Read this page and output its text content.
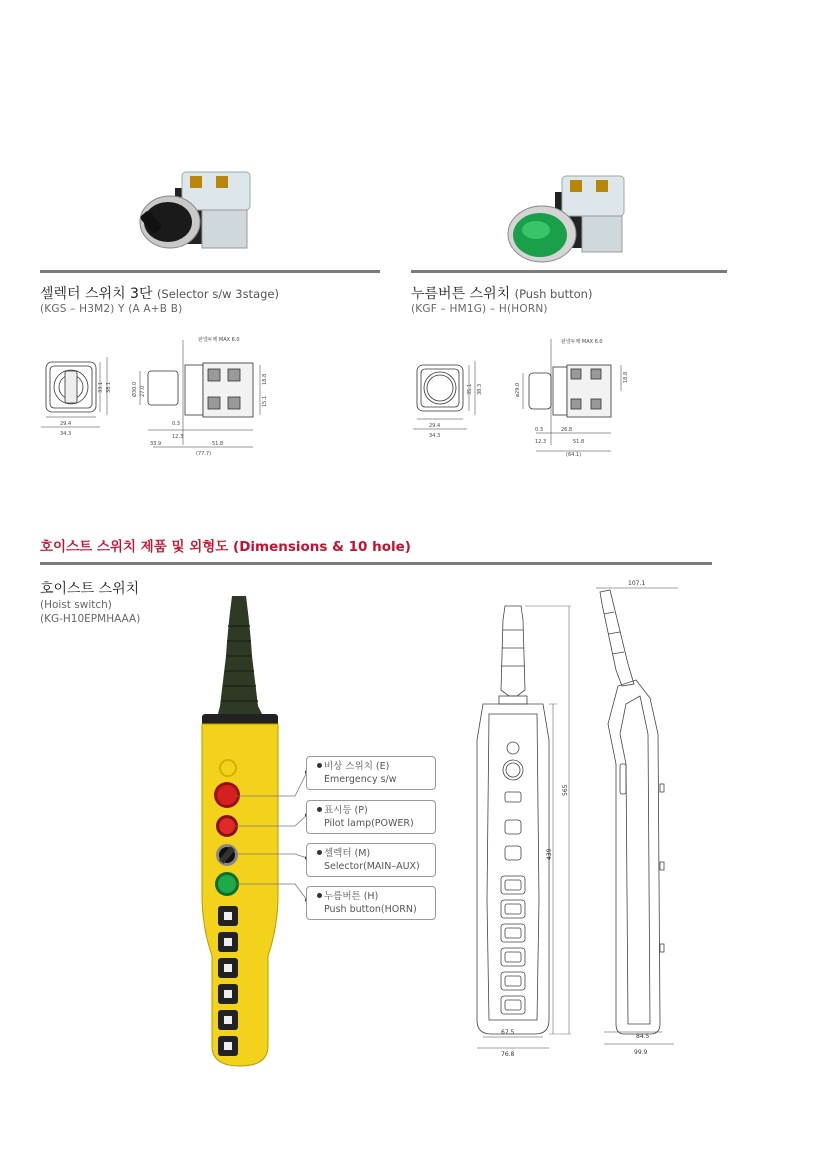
셀렉터 스위치 3단 (Selector s/w 3stage)
(KGS – H3M2) Y (A A+B B)
누름버튼 스위치 (Push button)
(KGF – HM1G) – H(HORN)
판넬두께 MAX 6.0
29.4
34.3
33.1 38.1	Ø30.0 27.0
18.8
15.1
0.3
12.3
33.9	51.8
(77.7)
판넬두께 MAX 6.0
29.4
34.3
35.1 38.3	ø29.0
18.8
0.3	26.8
12.3	51.8
(64.1)
호이스트 스위치 제품 및 외형도 (Dimensions & 10 hole)
호이스트 스위치
(Hoist switch)
(KG-H10EPMHAAA)
비상 스위치 (E)
Emergency s/w
표시등 (P)
Pilot lamp(POWER)
셀렉터 (M)
Selector(MAIN–AUX)
누름버튼 (H)
Push button(HORN)
565
439
67.5
76.8
107.1
84.5
99.9
